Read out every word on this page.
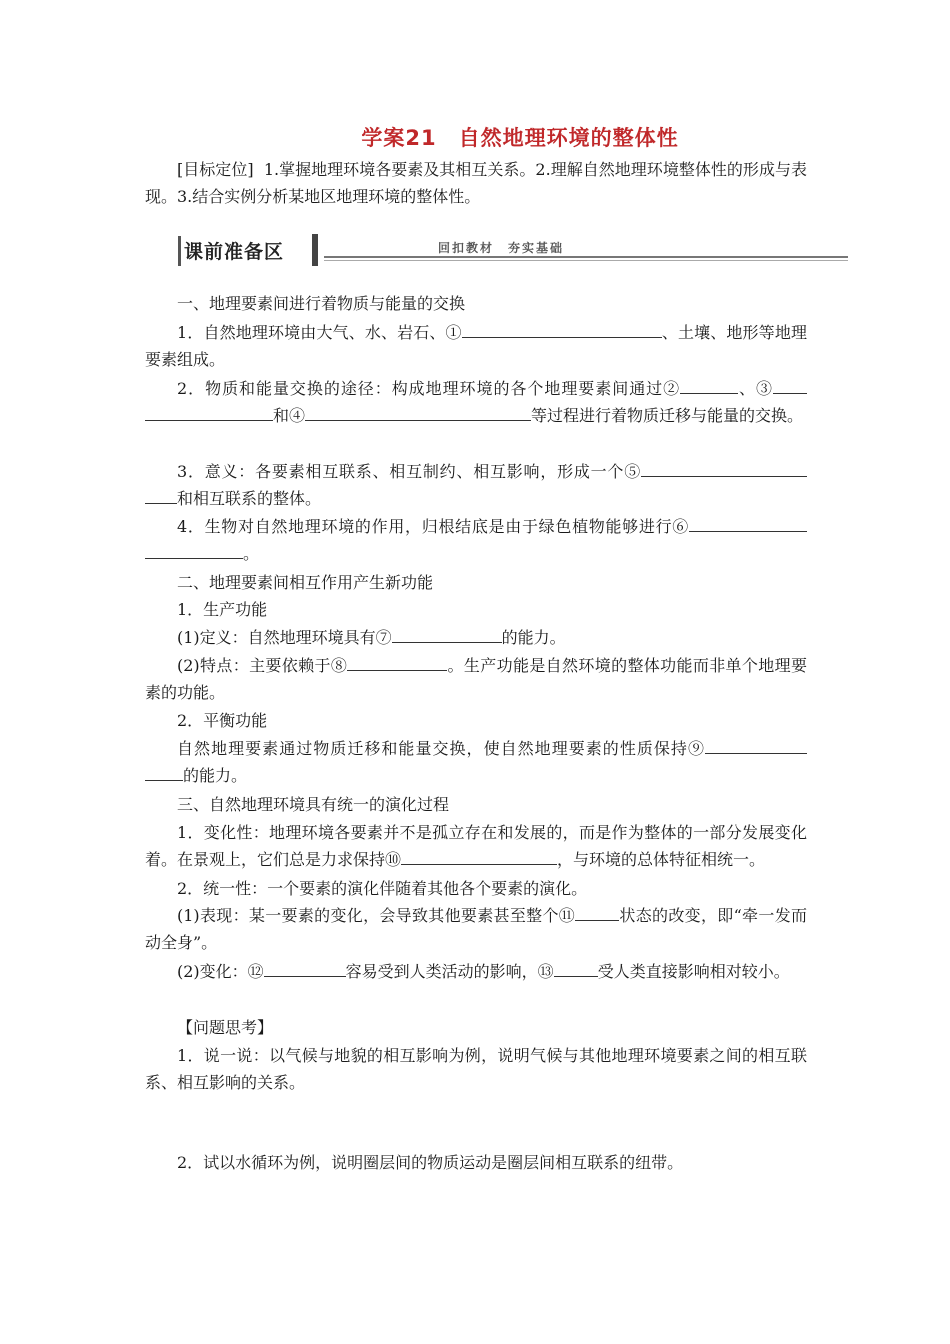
学案21 自然地理环境的整体性
[目标定位] 1.掌握地理环境各要素及其相互关系。2.理解自然地理环境整体性的形成与表现。3.结合实例分析某地区地理环境的整体性。
课前准备区	回扣教材　夯实基础
一、地理要素间进行着物质与能量的交换
1．自然地理环境由大气、水、岩石、①	、土壤、地形等地理要素组成。
2．物质和能量交换的途径：构成地理环境的各个地理要素间通过②	、③和④	等过程进行着物质迁移与能量的交换。
3．意义：各要素相互联系、相互制约、相互影响，形成一个⑤和相互联系的整体。
4．生物对自然地理环境的作用，归根结底是由于绿色植物能够进行⑥。
二、地理要素间相互作用产生新功能
1．生产功能
(1)定义：自然地理环境具有⑦	的能力。
(2)特点：主要依赖于⑧	。生产功能是自然环境的整体功能而非单个地理要素的功能。
2．平衡功能
自然地理要素通过物质迁移和能量交换，使自然地理要素的性质保持⑨的能力。
三、自然地理环境具有统一的演化过程
1．变化性：地理环境各要素并不是孤立存在和发展的，而是作为整体的一部分发展变化着。在景观上，它们总是力求保持⑩	，与环境的总体特征相统一。
2．统一性：一个要素的演化伴随着其他各个要素的演化。
(1)表现：某一要素的变化，会导致其他要素甚至整个⑪	状态的改变，即“牵一发而动全身”。
(2)变化：⑫	容易受到人类活动的影响，⑬	受人类直接影响相对较小。
【问题思考】
1．说一说：以气候与地貌的相互影响为例，说明气候与其他地理环境要素之间的相互联系、相互影响的关系。
2．试以水循环为例，说明圈层间的物质运动是圈层间相互联系的纽带。
